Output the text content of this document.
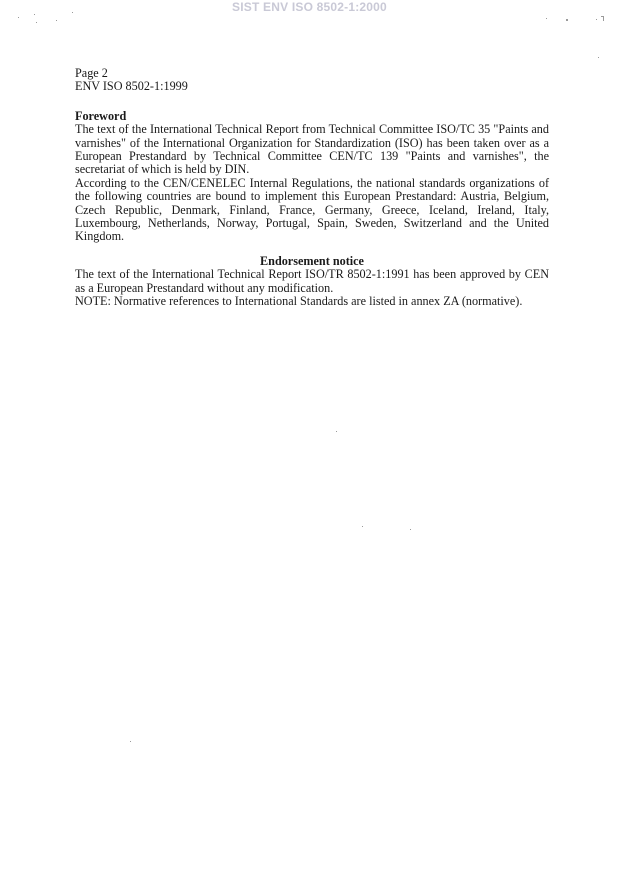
SIST ENV ISO 8502-1:2000
Page 2
ENV ISO 8502-1:1999
Foreword

The text of the International Technical Report from Technical Committee ISO/TC 35 "Paints and varnishes" of the International Organization for Standardization (ISO) has been taken over as a European Prestandard by Technical Committee CEN/TC 139 "Paints and varnishes", the secretariat of which is held by DIN.

According to the CEN/CENELEC Internal Regulations, the national standards organizations of the following countries are bound to implement this European Prestandard: Austria, Belgium, Czech Republic, Denmark, Finland, France, Germany, Greece, Iceland, Ireland, Italy, Luxembourg, Netherlands, Norway, Portugal, Spain, Sweden, Switzerland and the United Kingdom.

Endorsement notice

The text of the International Technical Report ISO/TR 8502-1:1991 has been approved by CEN as a European Prestandard without any modification.

NOTE: Normative references to International Standards are listed in annex ZA (normative).
